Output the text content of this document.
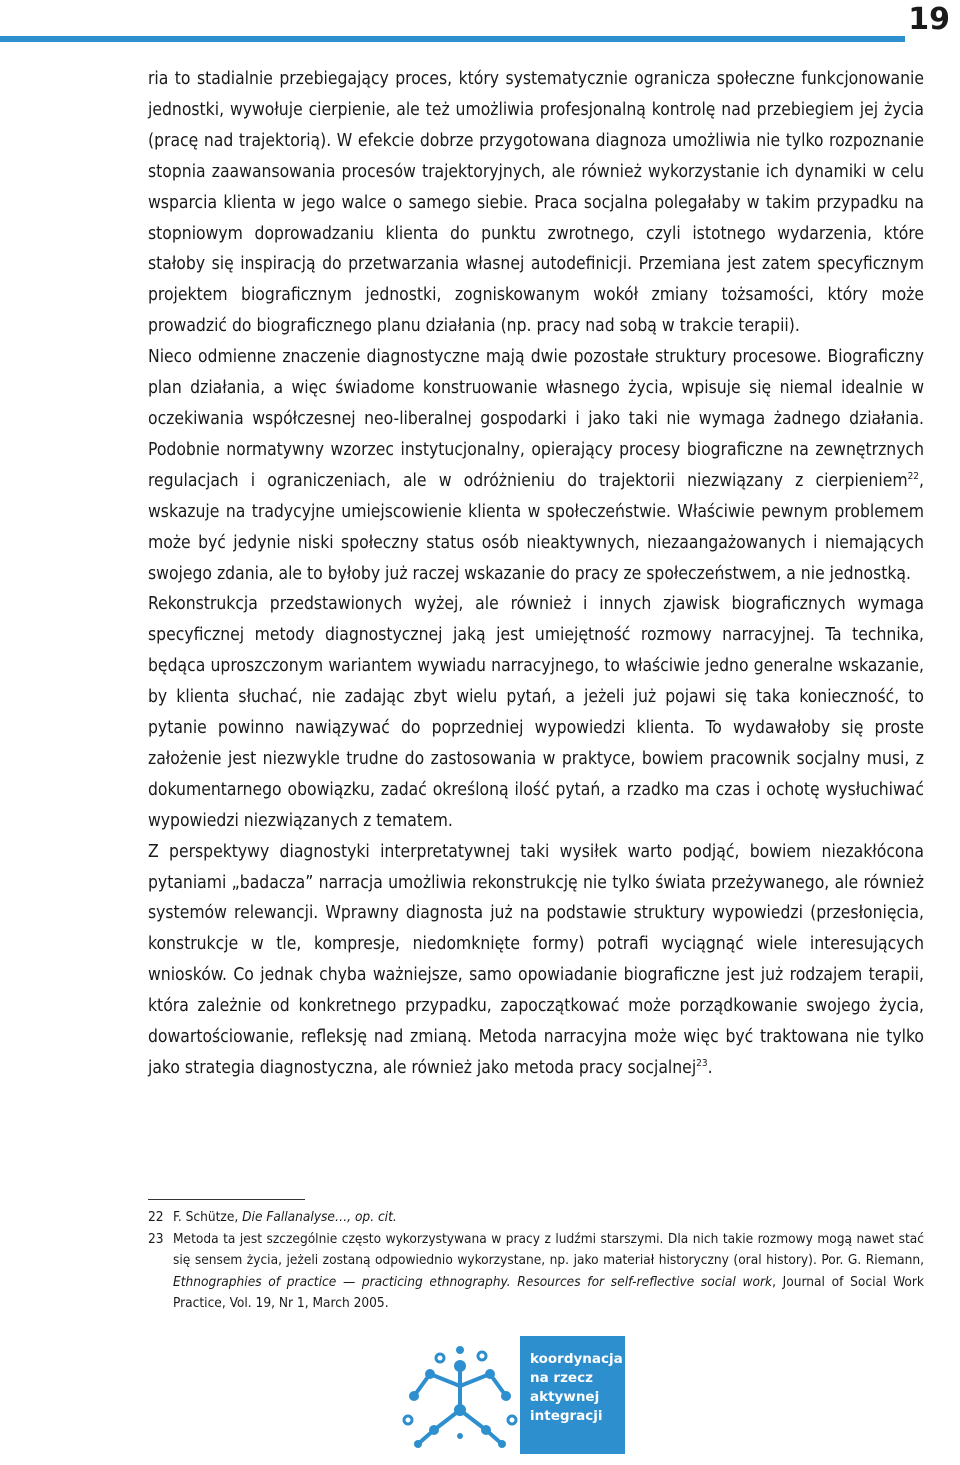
19

ria to stadialnie przebiegający proces, który systematycznie ogranicza społeczne funkcjonowanie jednostki, wywołuje cierpienie, ale też umożliwia profesjonalną kontrolę nad przebiegiem jej życia (pracę nad trajektorią). W efekcie dobrze przygotowana diagnoza umożliwia nie tylko rozpoznanie stopnia zaawansowania procesów trajektoryjnych, ale również wykorzystanie ich dynamiki w celu wsparcia klienta w jego walce o samego siebie. Praca socjalna polegałaby w takim przypadku na stopniowym doprowadzaniu klienta do punktu zwrotnego, czyli istotnego wydarzenia, które stałoby się inspiracją do przetwarzania własnej autodefinicji. Przemiana jest zatem specyficznym projektem biograficznym jednostki, zogniskowanym wokół zmiany tożsamości, który może prowadzić do biograficznego planu działania (np. pracy nad sobą w trakcie terapii).

Nieco odmienne znaczenie diagnostyczne mają dwie pozostałe struktury procesowe. Biograficzny plan działania, a więc świadome konstruowanie własnego życia, wpisuje się niemal idealnie w oczekiwania współczesnej neo-liberalnej gospodarki i jako taki nie wymaga żadnego działania. Podobnie normatywny wzorzec instytucjonalny, opierający procesy biograficzne na zewnętrznych regulacjach i ograniczeniach, ale w odróżnieniu do trajektorii niezwiązany z cierpieniem$^{22}$, wskazuje na tradycyjne umiejscowienie klienta w społeczeństwie. Właściwie pewnym problemem może być jedynie niski społeczny status osób nieaktywnych, niezaangażowanych i niemających swojego zdania, ale to byłoby już raczej wskazanie do pracy ze społeczeństwem, a nie jednostką.

Rekonstrukcja przedstawionych wyżej, ale również i innych zjawisk biograficznych wymaga specyficznej metody diagnostycznej jaką jest umiejętność rozmowy narracyjnej. Ta technika, będąca uproszczonym wariantem wywiadu narracyjnego, to właściwie jedno generalne wskazanie, by klienta słuchać, nie zadając zbyt wielu pytań, a jeżeli już pojawi się taka konieczność, to pytanie powinno nawiązywać do poprzedniej wypowiedzi klienta. To wydawałoby się proste założenie jest niezwykle trudne do zastosowania w praktyce, bowiem pracownik socjalny musi, z dokumentarnego obowiązku, zadać określoną ilość pytań, a rzadko ma czas i ochotę wysłuchiwać wypowiedzi niezwiązanych z tematem.

Z perspektywy diagnostyki interpretatywnej taki wysiłek warto podjąć, bowiem niezakłócona pytaniami „badacza” narracja umożliwia rekonstrukcję nie tylko świata przeżywanego, ale również systemów relewancji. Wprawny diagnosta już na podstawie struktury wypowiedzi (przesłonięcia, konstrukcje w tle, kompresje, niedomknięte formy) potrafi wyciągnąć wiele interesujących wniosków. Co jednak chyba ważniejsze, samo opowiadanie biograficzne jest już rodzajem terapii, która zależnie od konkretnego przypadku, zapoczątkować może porządkowanie swojego życia, dowartościowanie, refleksję nad zmianą. Metoda narracyjna może więc być traktowana nie tylko jako strategia diagnostyczna, ale również jako metoda pracy socjalnej$^{23}$.

22 F. Schütze, Die Fallanalyse…, op. cit.
23 Metoda ta jest szczególnie często wykorzystywana w pracy z ludźmi starszymi. Dla nich takie rozmowy mogą nawet stać się sensem życia, jeżeli zostaną odpowiednio wykorzystane, np. jako materiał historyczny (oral history). Por. G. Riemann, Ethnographies of practice — practicing ethnography. Resources for self-reflective social work, Journal of Social Work Practice, Vol. 19, Nr 1, March 2005.
koordynacja
na rzecz
aktywnej
integracji
